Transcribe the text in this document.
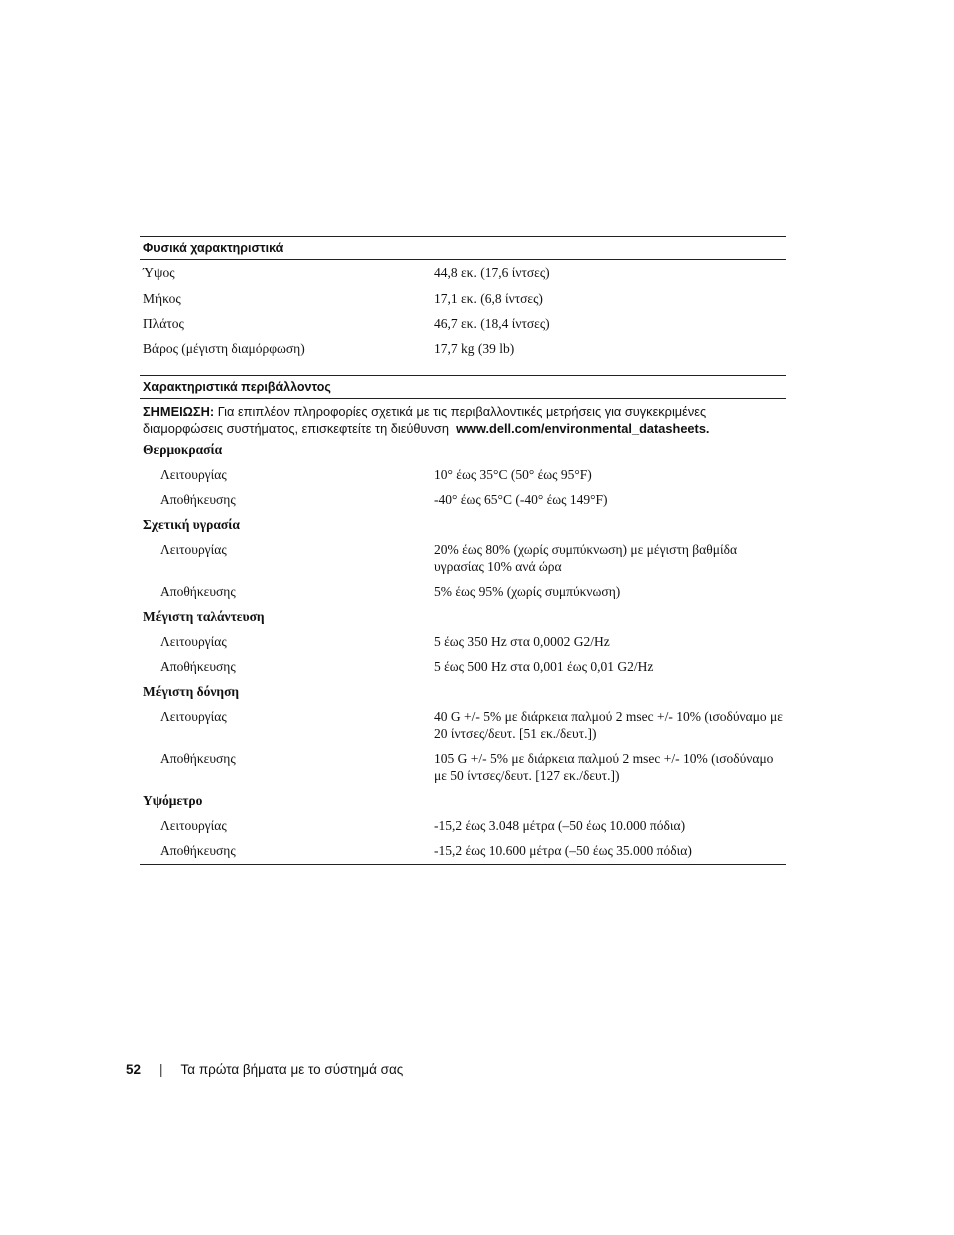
Φυσικά χαρακτηριστικά
Ύψος	44,8 εκ. (17,6 ίντσες)
Μήκος	17,1 εκ. (6,8 ίντσες)
Πλάτος	46,7 εκ. (18,4 ίντσες)
Βάρος (μέγιστη διαμόρφωση)	17,7 kg (39 lb)
Χαρακτηριστικά περιβάλλοντος
ΣΗΜΕΙΩΣΗ: Για επιπλέον πληροφορίες σχετικά με τις περιβαλλοντικές μετρήσεις για συγκεκριμένες διαμορφώσεις συστήματος, επισκεφτείτε τη διεύθυνση www.dell.com/environmental_datasheets.
Θερμοκρασία
Λειτουργίας	10° έως 35°C (50° έως 95°F)
Αποθήκευσης	-40° έως 65°C (-40° έως 149°F)
Σχετική υγρασία
Λειτουργίας	20% έως 80% (χωρίς συμπύκνωση) με μέγιστη βαθμίδα υγρασίας 10% ανά ώρα
Αποθήκευσης	5% έως 95% (χωρίς συμπύκνωση)
Μέγιστη ταλάντευση
Λειτουργίας	5 έως 350 Hz στα 0,0002 G2/Hz
Αποθήκευσης	5 έως 500 Hz στα 0,001 έως 0,01 G2/Hz
Μέγιστη δόνηση
Λειτουργίας	40 G +/- 5% με διάρκεια παλμού 2 msec +/- 10% (ισοδύναμο με 20 ίντσες/δευτ. [51 εκ./δευτ.])
Αποθήκευσης	105 G +/- 5% με διάρκεια παλμού 2 msec +/- 10% (ισοδύναμο με 50 ίντσες/δευτ. [127 εκ./δευτ.])
Υψόμετρο
Λειτουργίας	-15,2 έως 3.048 μέτρα (–50 έως 10.000 πόδια)
Αποθήκευσης	-15,2 έως 10.600 μέτρα (–50 έως 35.000 πόδια)
52 | Τα πρώτα βήματα με το σύστημά σας
